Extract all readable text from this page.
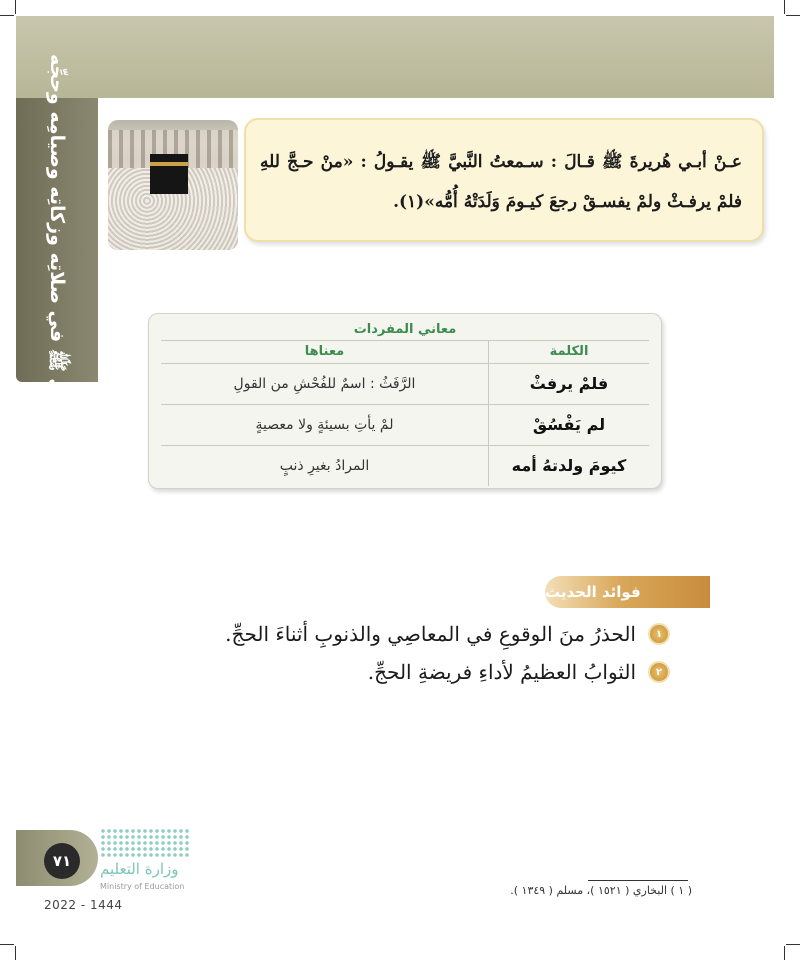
النَّبِيُّ ﷺ في صلاتِه وزكاتِه وصيامِه وحجِّه	عـنْ أبـي هُريرةَ ﷺ قـالَ : سـمعتُ النَّبيَّ ﷺ يقـولُ : «منْ حـجَّ للهِ فلمْ يرفـثْ ولمْ يفسـقْ رجعَ كيـومَ وَلَدَتْهُ أُمُّه»(١).
معاني المفردات
الكلمة
معناها
فلمْ يرفثْ
الرَّفَثُ : اسمٌ للفُحْشِ من القولِ
لم يَفْسُقْ
لمْ يأتِ بسيئةٍ ولا معصيةٍ
كيومَ ولدتهُ أمه
المرادُ بغيرِ ذنبٍ
فوائد الحديث
١
الحذرُ منَ الوقوعِ في المعاصِي والذنوبِ أثناءَ الحجِّ.
٢
الثوابُ العظيمُ لأداءِ فريضةِ الحجِّ.
٧١	وزارة التعليم
Ministry of Education
2022 - 1444
( ١ ) البخاري ( ١٥٢١ )، مسلم ( ١٣٤٩ ).
